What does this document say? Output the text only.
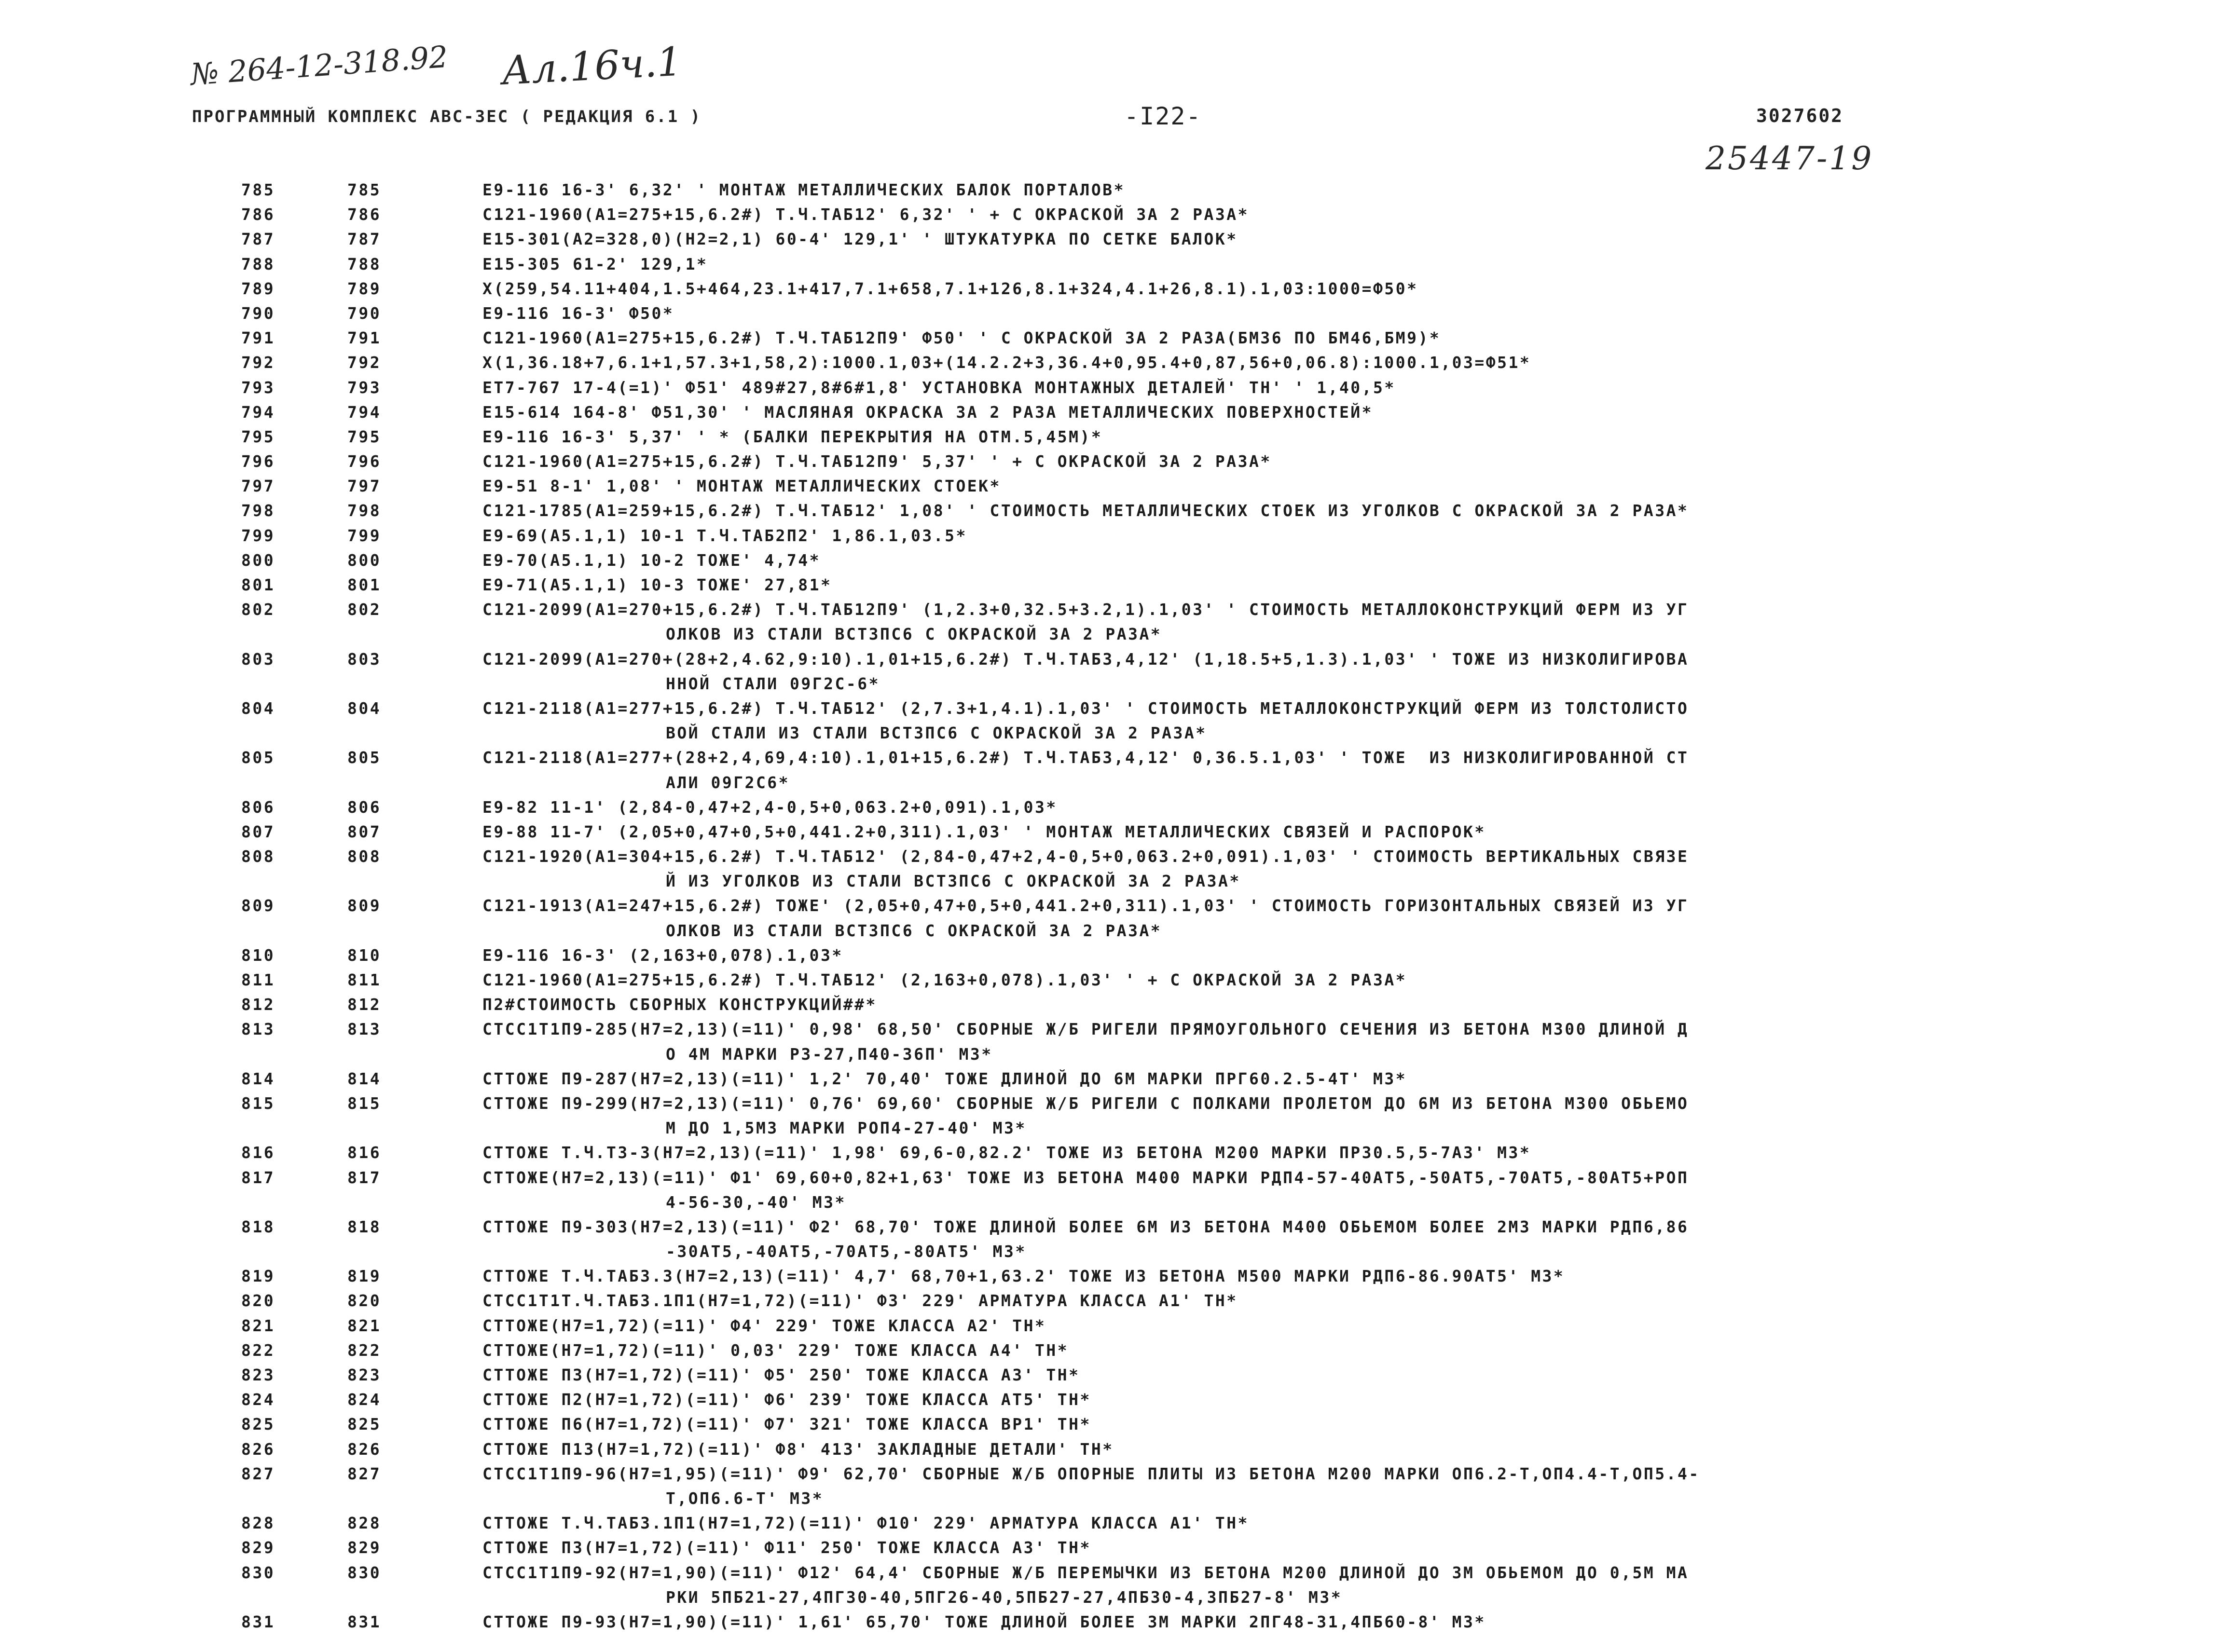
№ 264-12-318.92 Ал.16ч.1
ПРОГРАММНЫЙ КОМПЛЕКС АВС-3ЕС ( РЕДАКЦИЯ 6.1 )	-I22-	3027602
25447-19
785	785	Е9-116 16-3' 6,32' ' МОНТАЖ МЕТАЛЛИЧЕСКИХ БАЛОК ПОРТАЛОВ*
786	786	С121-1960(А1=275+15,6.2#) Т.Ч.ТАБ12' 6,32' ' + С ОКРАСКОЙ ЗА 2 РАЗА*
787	787	Е15-301(А2=328,0)(Н2=2,1) 60-4' 129,1' ' ШТУКАТУРКА ПО СЕТКЕ БАЛОК*
788	788	Е15-305 61-2' 129,1*
789	789	Х(259,54.11+404,1.5+464,23.1+417,7.1+658,7.1+126,8.1+324,4.1+26,8.1).1,03:1000=Ф50*
790	790	Е9-116 16-3' Ф50*
791	791	С121-1960(А1=275+15,6.2#) Т.Ч.ТАБ12П9' Ф50' ' С ОКРАСКОЙ ЗА 2 РАЗА(БМ36 ПО БМ46,БМ9)*
792	792	Х(1,36.18+7,6.1+1,57.3+1,58,2):1000.1,03+(14.2.2+3,36.4+0,95.4+0,87,56+0,06.8):1000.1,03=Ф51*
793	793	ЕТ7-767 17-4(=1)' Ф51' 489#27,8#6#1,8' УСТАНОВКА МОНТАЖНЫХ ДЕТАЛЕЙ' ТН' ' 1,40,5*
794	794	Е15-614 164-8' Ф51,30' ' МАСЛЯНАЯ ОКРАСКА ЗА 2 РАЗА МЕТАЛЛИЧЕСКИХ ПОВЕРХНОСТЕЙ*
795	795	Е9-116 16-3' 5,37' ' * (БАЛКИ ПЕРЕКРЫТИЯ НА ОТМ.5,45М)*
796	796	С121-1960(А1=275+15,6.2#) Т.Ч.ТАБ12П9' 5,37' ' + С ОКРАСКОЙ ЗА 2 РАЗА*
797	797	Е9-51 8-1' 1,08' ' МОНТАЖ МЕТАЛЛИЧЕСКИХ СТОЕК*
798	798	С121-1785(А1=259+15,6.2#) Т.Ч.ТАБ12' 1,08' ' СТОИМОСТЬ МЕТАЛЛИЧЕСКИХ СТОЕК ИЗ УГОЛКОВ С ОКРАСКОЙ ЗА 2 РАЗА*
799	799	Е9-69(А5.1,1) 10-1 Т.Ч.ТАБ2П2' 1,86.1,03.5*
800	800	Е9-70(А5.1,1) 10-2 ТОЖЕ' 4,74*
801	801	Е9-71(А5.1,1) 10-3 ТОЖЕ' 27,81*
802	802	С121-2099(А1=270+15,6.2#) Т.Ч.ТАБ12П9' (1,2.3+0,32.5+3.2,1).1,03' ' СТОИМОСТЬ МЕТАЛЛОКОНСТРУКЦИЙ ФЕРМ ИЗ УГ
ОЛКОВ ИЗ СТАЛИ ВСТ3ПС6 С ОКРАСКОЙ ЗА 2 РАЗА*
803	803	С121-2099(А1=270+(28+2,4.62,9:10).1,01+15,6.2#) Т.Ч.ТАБ3,4,12' (1,18.5+5,1.3).1,03' ' ТОЖЕ ИЗ НИЗКОЛИГИРОВА
ННОЙ СТАЛИ 09Г2С-6*
804	804	С121-2118(А1=277+15,6.2#) Т.Ч.ТАБ12' (2,7.3+1,4.1).1,03' ' СТОИМОСТЬ МЕТАЛЛОКОНСТРУКЦИЙ ФЕРМ ИЗ ТОЛСТОЛИСТО
ВОЙ СТАЛИ ИЗ СТАЛИ ВСТ3ПС6 С ОКРАСКОЙ ЗА 2 РАЗА*
805	805	С121-2118(А1=277+(28+2,4,69,4:10).1,01+15,6.2#) Т.Ч.ТАБ3,4,12' 0,36.5.1,03' ' ТОЖЕ  ИЗ НИЗКОЛИГИРОВАННОЙ СТ
АЛИ 09Г2С6*
806	806	Е9-82 11-1' (2,84-0,47+2,4-0,5+0,063.2+0,091).1,03*
807	807	Е9-88 11-7' (2,05+0,47+0,5+0,441.2+0,311).1,03' ' МОНТАЖ МЕТАЛЛИЧЕСКИХ СВЯЗЕЙ И РАСПОРОК*
808	808	С121-1920(А1=304+15,6.2#) Т.Ч.ТАБ12' (2,84-0,47+2,4-0,5+0,063.2+0,091).1,03' ' СТОИМОСТЬ ВЕРТИКАЛЬНЫХ СВЯЗЕ
Й ИЗ УГОЛКОВ ИЗ СТАЛИ ВСТ3ПС6 С ОКРАСКОЙ ЗА 2 РАЗА*
809	809	С121-1913(А1=247+15,6.2#) ТОЖЕ' (2,05+0,47+0,5+0,441.2+0,311).1,03' ' СТОИМОСТЬ ГОРИЗОНТАЛЬНЫХ СВЯЗЕЙ ИЗ УГ
ОЛКОВ ИЗ СТАЛИ ВСТ3ПС6 С ОКРАСКОЙ ЗА 2 РАЗА*
810	810	Е9-116 16-3' (2,163+0,078).1,03*
811	811	С121-1960(А1=275+15,6.2#) Т.Ч.ТАБ12' (2,163+0,078).1,03' ' + С ОКРАСКОЙ ЗА 2 РАЗА*
812	812	П2#СТОИМОСТЬ СБОРНЫХ КОНСТРУКЦИЙ##*
813	813	СТСС1Т1П9-285(Н7=2,13)(=11)' 0,98' 68,50' СБОРНЫЕ Ж/Б РИГЕЛИ ПРЯМОУГОЛЬНОГО СЕЧЕНИЯ ИЗ БЕТОНА М300 ДЛИНОЙ Д
О 4М МАРКИ Р3-27,П40-36П' М3*
814	814	СТТОЖЕ П9-287(Н7=2,13)(=11)' 1,2' 70,40' ТОЖЕ ДЛИНОЙ ДО 6М МАРКИ ПРГ60.2.5-4Т' М3*
815	815	СТТОЖЕ П9-299(Н7=2,13)(=11)' 0,76' 69,60' СБОРНЫЕ Ж/Б РИГЕЛИ С ПОЛКАМИ ПРОЛЕТОМ ДО 6М ИЗ БЕТОНА М300 ОБЬЕМО
М ДО 1,5М3 МАРКИ РОП4-27-40' М3*
816	816	СТТОЖЕ Т.Ч.Т3-3(Н7=2,13)(=11)' 1,98' 69,6-0,82.2' ТОЖЕ ИЗ БЕТОНА М200 МАРКИ ПР30.5,5-7А3' М3*
817	817	СТТОЖЕ(Н7=2,13)(=11)' Ф1' 69,60+0,82+1,63' ТОЖЕ ИЗ БЕТОНА М400 МАРКИ РДП4-57-40АТ5,-50АТ5,-70АТ5,-80АТ5+РОП
4-56-30,-40' М3*
818	818	СТТОЖЕ П9-303(Н7=2,13)(=11)' Ф2' 68,70' ТОЖЕ ДЛИНОЙ БОЛЕЕ 6М ИЗ БЕТОНА М400 ОБЬЕМОМ БОЛЕЕ 2М3 МАРКИ РДП6,86
-30АТ5,-40АТ5,-70АТ5,-80АТ5' М3*
819	819	СТТОЖЕ Т.Ч.ТАБ3.3(Н7=2,13)(=11)' 4,7' 68,70+1,63.2' ТОЖЕ ИЗ БЕТОНА М500 МАРКИ РДП6-86.90АТ5' М3*
820	820	СТСС1Т1Т.Ч.ТАБ3.1П1(Н7=1,72)(=11)' Ф3' 229' АРМАТУРА КЛАССА А1' ТН*
821	821	СТТОЖЕ(Н7=1,72)(=11)' Ф4' 229' ТОЖЕ КЛАССА А2' ТН*
822	822	СТТОЖЕ(Н7=1,72)(=11)' 0,03' 229' ТОЖЕ КЛАССА А4' ТН*
823	823	СТТОЖЕ П3(Н7=1,72)(=11)' Ф5' 250' ТОЖЕ КЛАССА А3' ТН*
824	824	СТТОЖЕ П2(Н7=1,72)(=11)' Ф6' 239' ТОЖЕ КЛАССА АТ5' ТН*
825	825	СТТОЖЕ П6(Н7=1,72)(=11)' Ф7' 321' ТОЖЕ КЛАССА ВР1' ТН*
826	826	СТТОЖЕ П13(Н7=1,72)(=11)' Ф8' 413' ЗАКЛАДНЫЕ ДЕТАЛИ' ТН*
827	827	СТСС1Т1П9-96(Н7=1,95)(=11)' Ф9' 62,70' СБОРНЫЕ Ж/Б ОПОРНЫЕ ПЛИТЫ ИЗ БЕТОНА М200 МАРКИ ОП6.2-Т,ОП4.4-Т,ОП5.4-
Т,ОП6.6-Т' М3*
828	828	СТТОЖЕ Т.Ч.ТАБ3.1П1(Н7=1,72)(=11)' Ф10' 229' АРМАТУРА КЛАССА А1' ТН*
829	829	СТТОЖЕ П3(Н7=1,72)(=11)' Ф11' 250' ТОЖЕ КЛАССА А3' ТН*
830	830	СТСС1Т1П9-92(Н7=1,90)(=11)' Ф12' 64,4' СБОРНЫЕ Ж/Б ПЕРЕМЫЧКИ ИЗ БЕТОНА М200 ДЛИНОЙ ДО 3М ОБЬЕМОМ ДО 0,5М МА
РКИ 5ПБ21-27,4ПГ30-40,5ПГ26-40,5ПБ27-27,4ПБ30-4,3ПБ27-8' М3*
831	831	СТТОЖЕ П9-93(Н7=1,90)(=11)' 1,61' 65,70' ТОЖЕ ДЛИНОЙ БОЛЕЕ 3М МАРКИ 2ПГ48-31,4ПБ60-8' М3*
